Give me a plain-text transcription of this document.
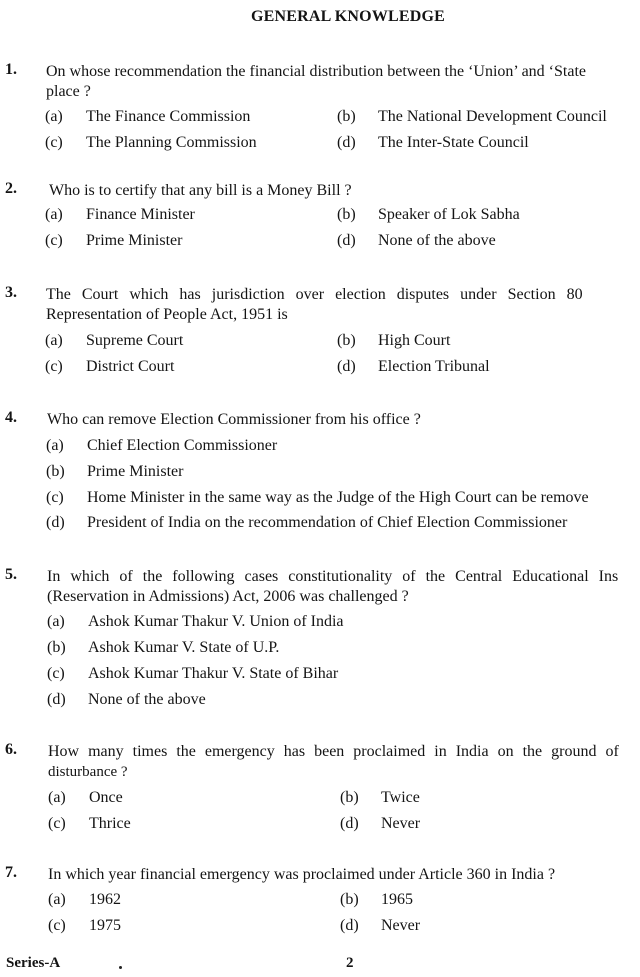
GENERAL KNOWLEDGE
1. On whose recommendation the financial distribution between the ‘Union’ and ‘State
place ?
(a) The Finance Commission	(b) The National Development Council
(c) The Planning Commission	(d) The Inter-State Council
2. Who is to certify that any bill is a Money Bill ?
(a) Finance Minister	(b) Speaker of Lok Sabha
(c) Prime Minister	(d) None of the above
3. The Court which has jurisdiction over election disputes under Section 80
Representation of People Act, 1951 is
(a) Supreme Court	(b) High Court
(c) District Court	(d) Election Tribunal
4. Who can remove Election Commissioner from his office ?
(a) Chief Election Commissioner
(b) Prime Minister
(c) Home Minister in the same way as the Judge of the High Court can be remove
(d) President of India on the recommendation of Chief Election Commissioner
5. In which of the following cases constitutionality of the Central Educational Ins
(Reservation in Admissions) Act, 2006 was challenged ?
(a) Ashok Kumar Thakur V. Union of India
(b) Ashok Kumar V. State of U.P.
(c) Ashok Kumar Thakur V. State of Bihar
(d) None of the above
6. How many times the emergency has been proclaimed in India on the ground of
disturbance ?
(a) Once	(b) Twice
(c) Thrice	(d) Never
7. In which year financial emergency was proclaimed under Article 360 in India ?
(a) 1962	(b) 1965
(c) 1975	(d) Never
Series-A	2
